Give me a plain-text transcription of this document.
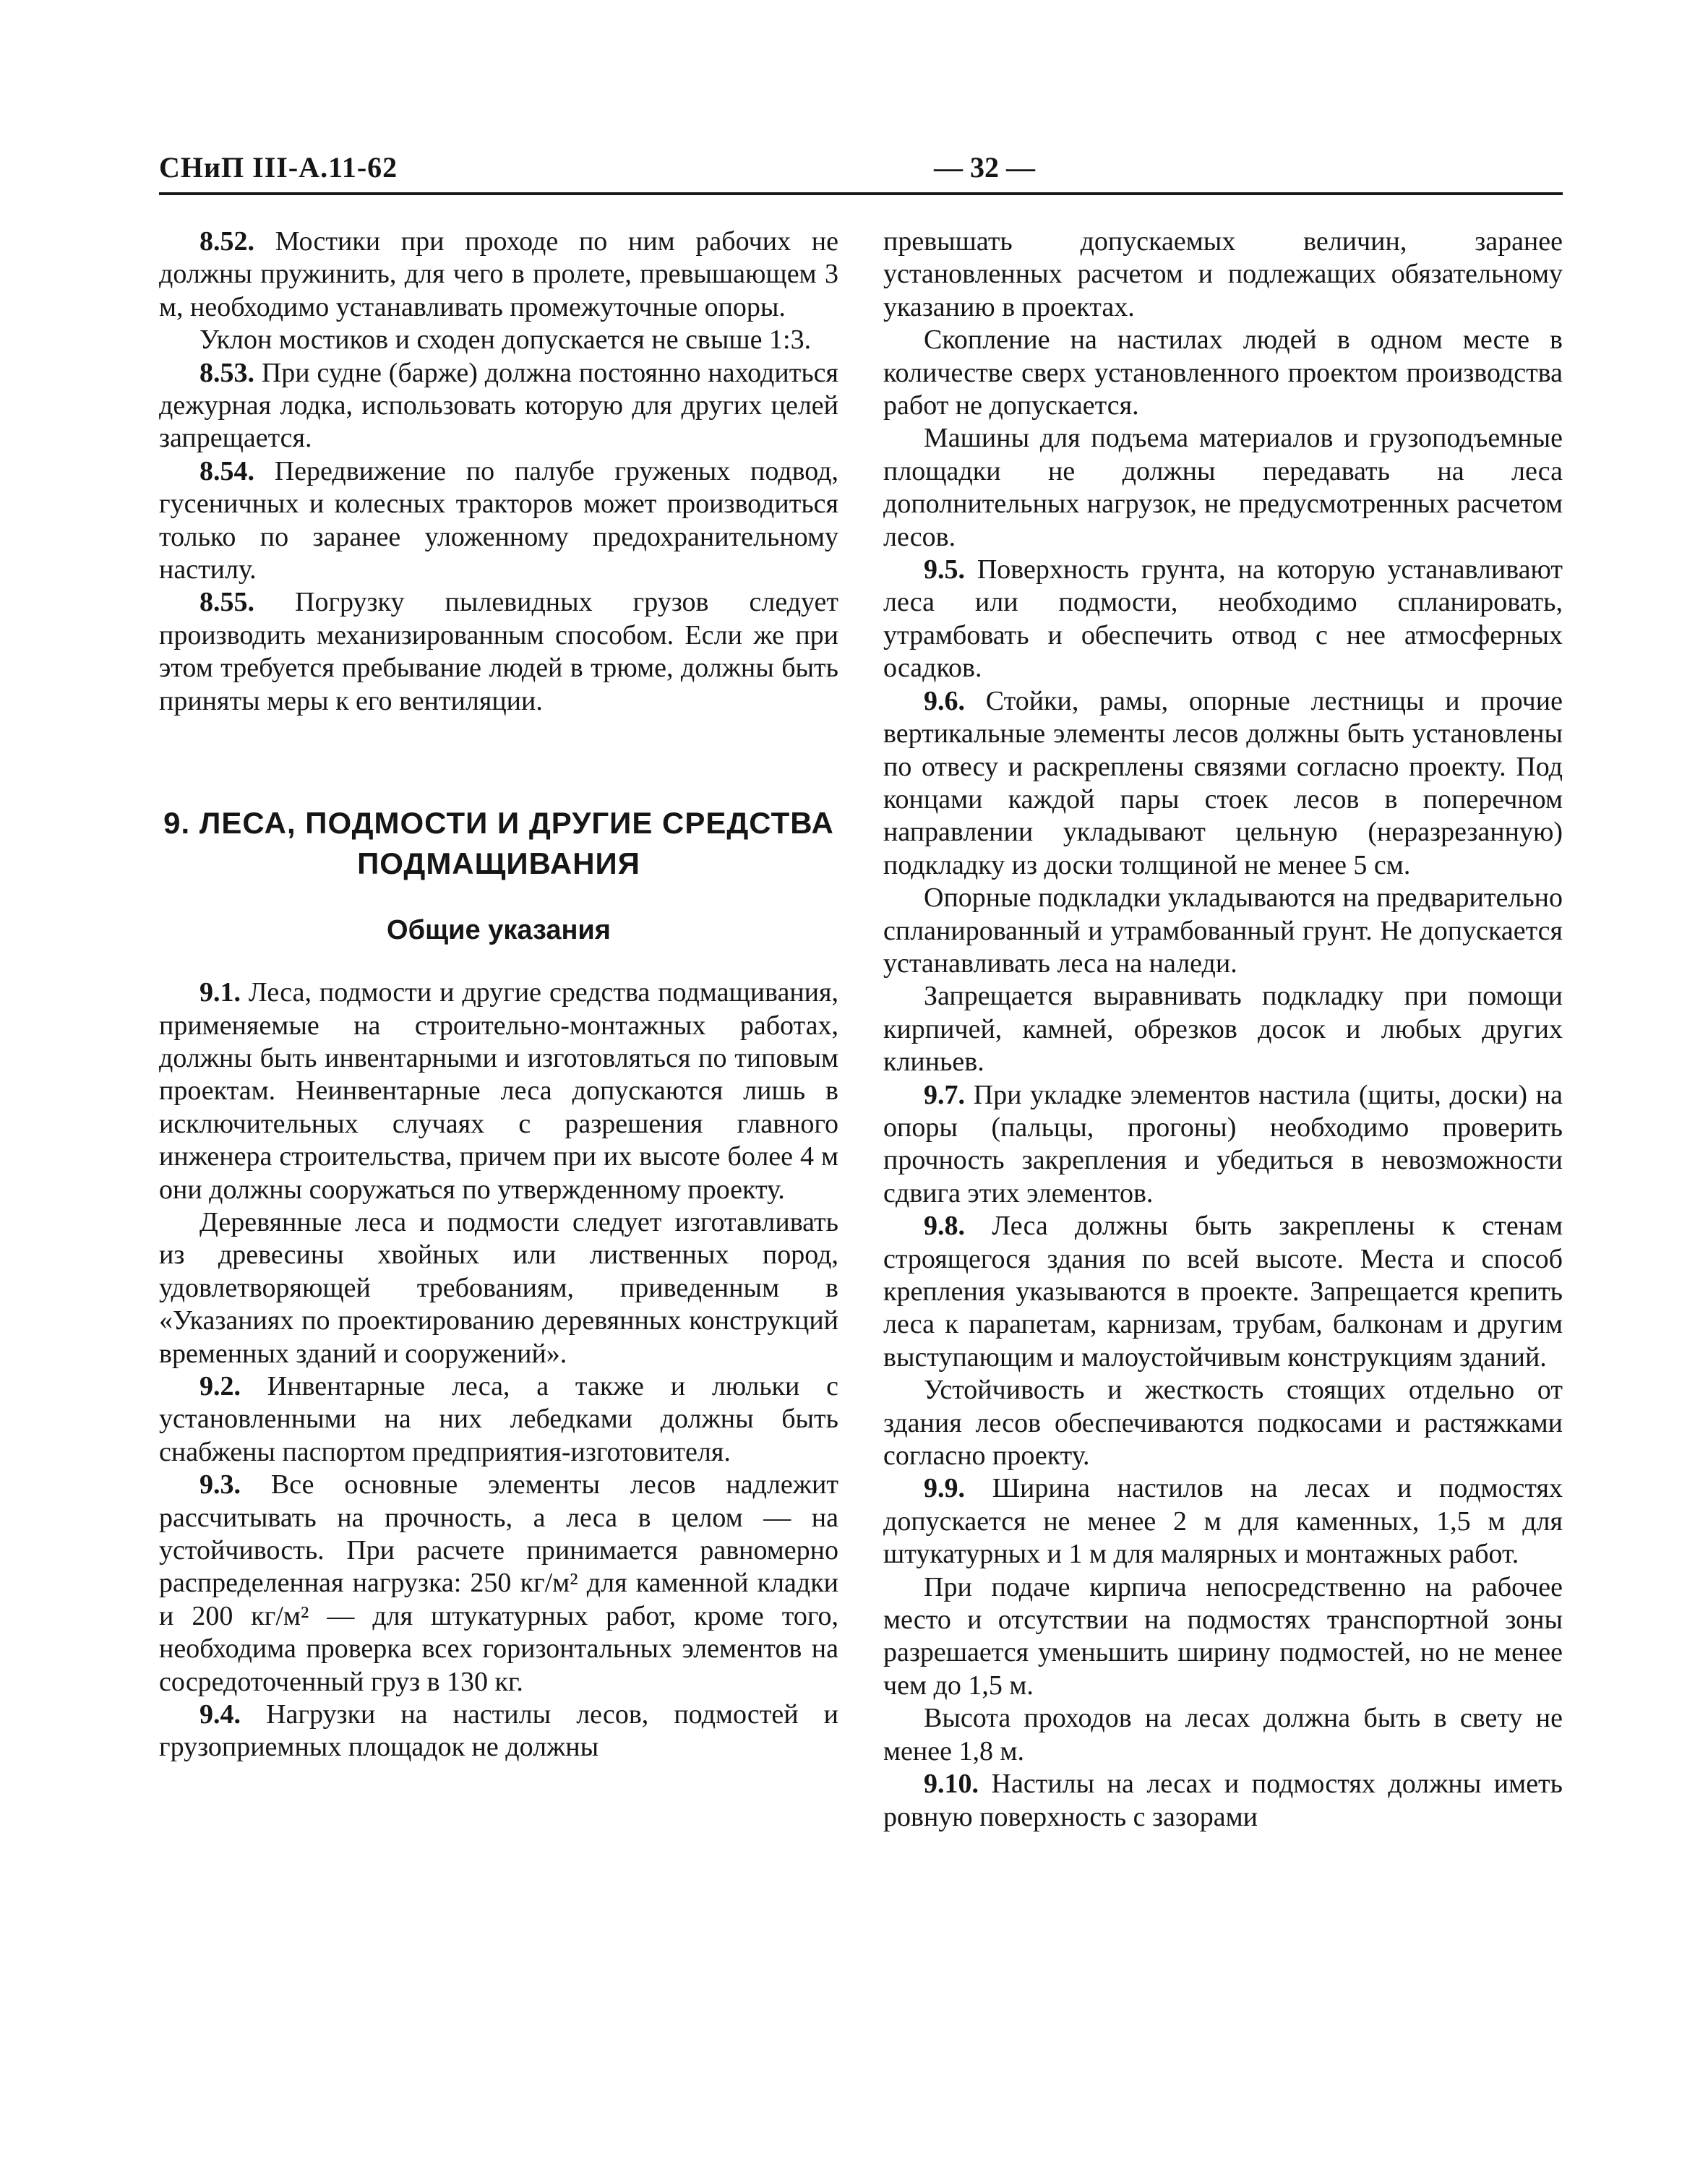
СНиП III-А.11-62	— 32 —

8.52. Мостики при проходе по ним рабочих не должны пружинить, для чего в пролете, превышающем 3 м, необходимо устанавливать промежуточные опоры.

Уклон мостиков и сходен допускается не свыше 1:3.

8.53. При судне (барже) должна постоянно находиться дежурная лодка, использовать которую для других целей запрещается.

8.54. Передвижение по палубе груженых подвод, гусеничных и колесных тракторов может производиться только по заранее уложенному предохранительному настилу.

8.55. Погрузку пылевидных грузов следует производить механизированным способом. Если же при этом требуется пребывание людей в трюме, должны быть приняты меры к его вентиляции.

9. ЛЕСА, ПОДМОСТИ И ДРУГИЕ СРЕДСТВА ПОДМАЩИВАНИЯ
Общие указания

9.1. Леса, подмости и другие средства подмащивания, применяемые на строительно-монтажных работах, должны быть инвентарными и изготовляться по типовым проектам. Неинвентарные леса допускаются лишь в исключительных случаях с разрешения главного инженера строительства, причем при их высоте более 4 м они должны сооружаться по утвержденному проекту.

Деревянные леса и подмости следует изготавливать из древесины хвойных или лиственных пород, удовлетворяющей требованиям, приведенным в «Указаниях по проектированию деревянных конструкций временных зданий и сооружений».

9.2. Инвентарные леса, а также и люльки с установленными на них лебедками должны быть снабжены паспортом предприятия-изготовителя.

9.3. Все основные элементы лесов надлежит рассчитывать на прочность, а леса в целом — на устойчивость. При расчете принимается равномерно распределенная нагрузка: 250 кг/м² для каменной кладки и 200 кг/м² — для штукатурных работ, кроме того, необходима проверка всех горизонтальных элементов на сосредоточенный груз в 130 кг.

9.4. Нагрузки на настилы лесов, подмостей и грузоприемных площадок не должны

превышать допускаемых величин, заранее установленных расчетом и подлежащих обязательному указанию в проектах.

Скопление на настилах людей в одном месте в количестве сверх установленного проектом производства работ не допускается.

Машины для подъема материалов и грузоподъемные площадки не должны передавать на леса дополнительных нагрузок, не предусмотренных расчетом лесов.

9.5. Поверхность грунта, на которую устанавливают леса или подмости, необходимо спланировать, утрамбовать и обеспечить отвод с нее атмосферных осадков.

9.6. Стойки, рамы, опорные лестницы и прочие вертикальные элементы лесов должны быть установлены по отвесу и раскреплены связями согласно проекту. Под концами каждой пары стоек лесов в поперечном направлении укладывают цельную (неразрезанную) подкладку из доски толщиной не менее 5 см.

Опорные подкладки укладываются на предварительно спланированный и утрамбованный грунт. Не допускается устанавливать леса на наледи.

Запрещается выравнивать подкладку при помощи кирпичей, камней, обрезков досок и любых других клиньев.

9.7. При укладке элементов настила (щиты, доски) на опоры (пальцы, прогоны) необходимо проверить прочность закрепления и убедиться в невозможности сдвига этих элементов.

9.8. Леса должны быть закреплены к стенам строящегося здания по всей высоте. Места и способ крепления указываются в проекте. Запрещается крепить леса к парапетам, карнизам, трубам, балконам и другим выступающим и малоустойчивым конструкциям зданий.

Устойчивость и жесткость стоящих отдельно от здания лесов обеспечиваются подкосами и растяжками согласно проекту.

9.9. Ширина настилов на лесах и подмостях допускается не менее 2 м для каменных, 1,5 м для штукатурных и 1 м для малярных и монтажных работ.

При подаче кирпича непосредственно на рабочее место и отсутствии на подмостях транспортной зоны разрешается уменьшить ширину подмостей, но не менее чем до 1,5 м.

Высота проходов на лесах должна быть в свету не менее 1,8 м.

9.10. Настилы на лесах и подмостях должны иметь ровную поверхность с зазорами
